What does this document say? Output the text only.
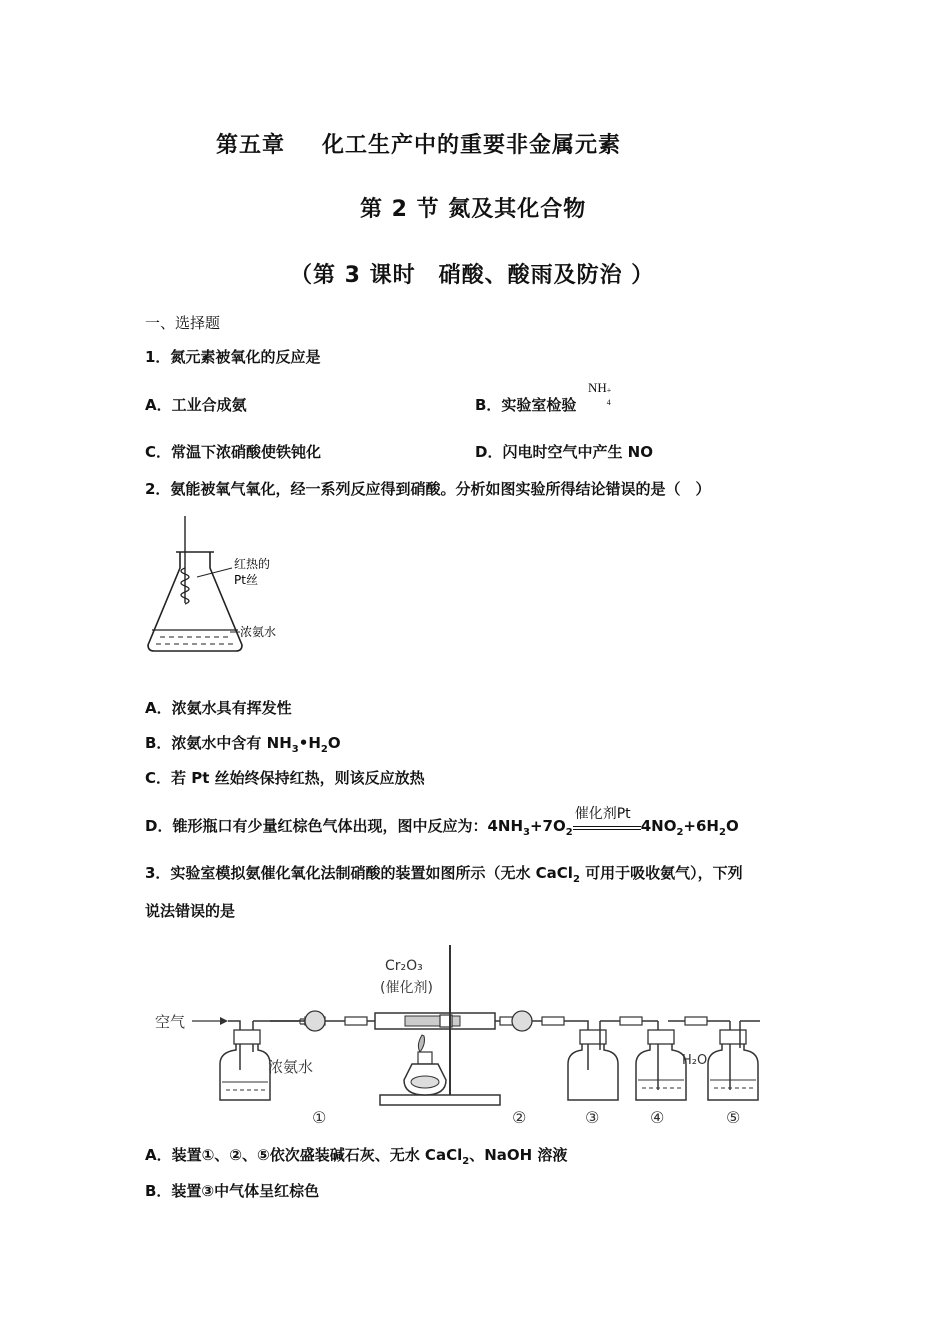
第五章 化工生产中的重要非金属元素
第 2 节 氮及其化合物
（第 3 课时　硝酸、酸雨及防治 ）
一、选择题
1．氮元素被氧化的反应是
A．工业合成氨	B．实验室检验
NH +
4
C．常温下浓硝酸使铁钝化	D．闪电时空气中产生 NO
2．氨能被氧气氧化，经一系列反应得到硝酸。分析如图实验所得结论错误的是（　）
红热的
Pt丝
浓氨水
A．浓氨水具有挥发性
B．浓氨水中含有 $NH_3•H_2O$
C．若 Pt 丝始终保持红热，则该反应放热
D．锥形瓶口有少量红棕色气体出现，图中反应为：$4NH_3+7O_2$
催化剂Pt
$4NO_2+6H_2O$
3．实验室模拟氨催化氧化法制硝酸的装置如图所示（无水 CaCl$_2$ 可用于吸收氨气），下列
说法错误的是
空气
浓氨水
Cr₂O₃
(催化剂)
H₂O
①	②	③	④	⑤
A．装置①、②、⑤依次盛装碱石灰、无水 CaCl$_2$、NaOH 溶液
B．装置③中气体呈红棕色
